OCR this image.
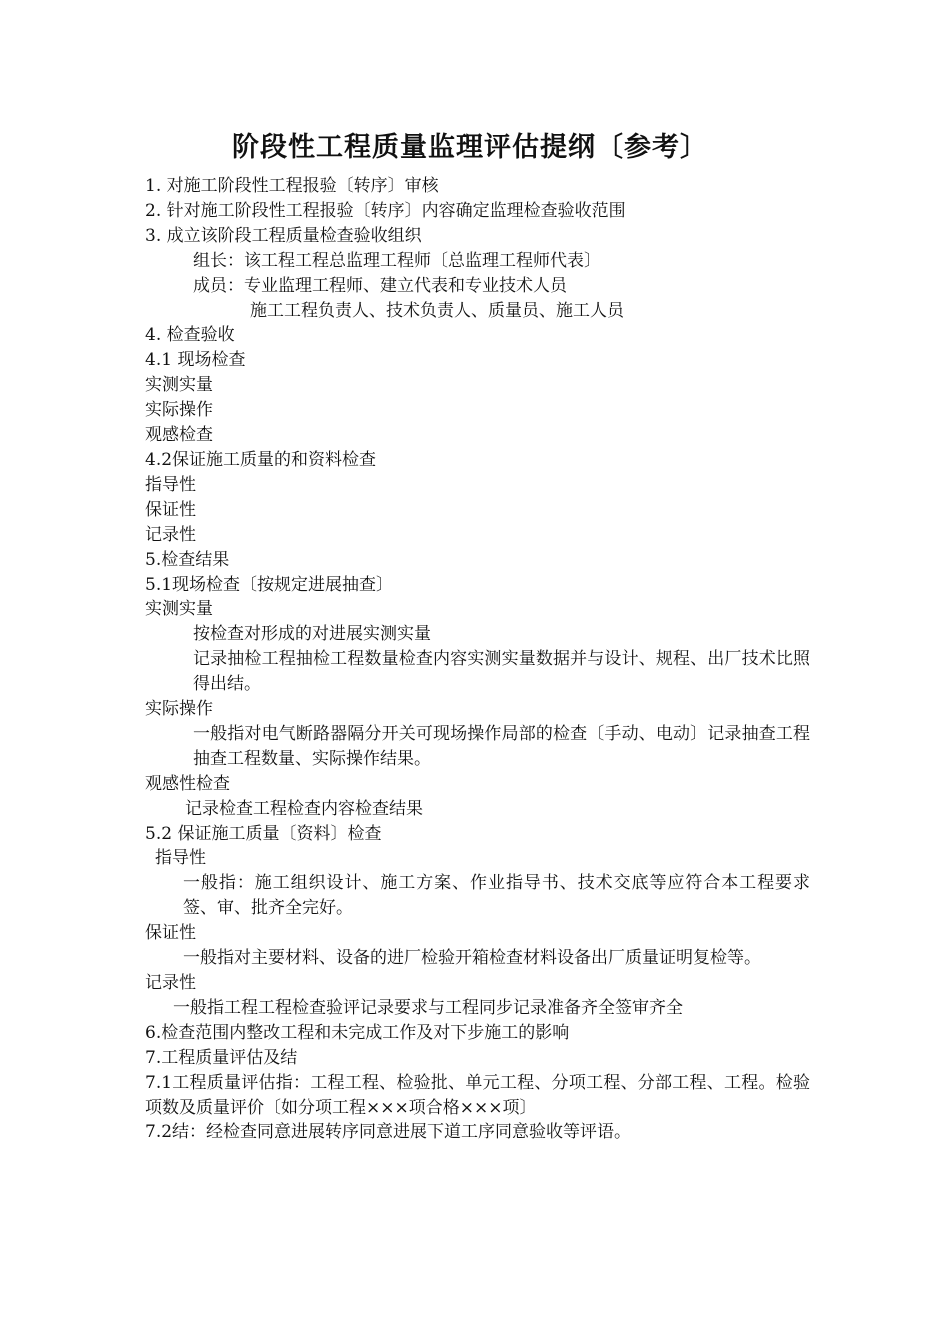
阶段性工程质量监理评估提纲〔参考〕
1. 对施工阶段性工程报验〔转序〕审核
2. 针对施工阶段性工程报验〔转序〕内容确定监理检查验收范围
3. 成立该阶段工程质量检查验收组织
组长：该工程工程总监理工程师〔总监理工程师代表〕
成员：专业监理工程师、建立代表和专业技术人员
施工工程负责人、技术负责人、质量员、施工人员
4. 检查验收
4.1 现场检查
实测实量
实际操作
观感检查
4.2保证施工质量的和资料检查
指导性
保证性
记录性
5.检查结果
5.1现场检查〔按规定进展抽查〕
实测实量
按检查对形成的对进展实测实量
记录抽检工程抽检工程数量检查内容实测实量数据并与设计、规程、出厂技术比照得出结。
实际操作
一般指对电气断路器隔分开关可现场操作局部的检查〔手动、电动〕记录抽查工程抽查工程数量、实际操作结果。
观感性检查
记录检查工程检查内容检查结果
5.2 保证施工质量〔资料〕检查
指导性
一般指：施工组织设计、施工方案、作业指导书、技术交底等应符合本工程要求签、审、批齐全完好。
保证性
一般指对主要材料、设备的进厂检验开箱检查材料设备出厂质量证明复检等。
记录性
一般指工程工程检查验评记录要求与工程同步记录准备齐全签审齐全
6.检查范围内整改工程和未完成工作及对下步施工的影响
7.工程质量评估及结
7.1工程质量评估指：工程工程、检验批、单元工程、分项工程、分部工程、工程。检验项数及质量评价〔如分项工程×××项合格×××项〕
7.2结：经检查同意进展转序同意进展下道工序同意验收等评语。
